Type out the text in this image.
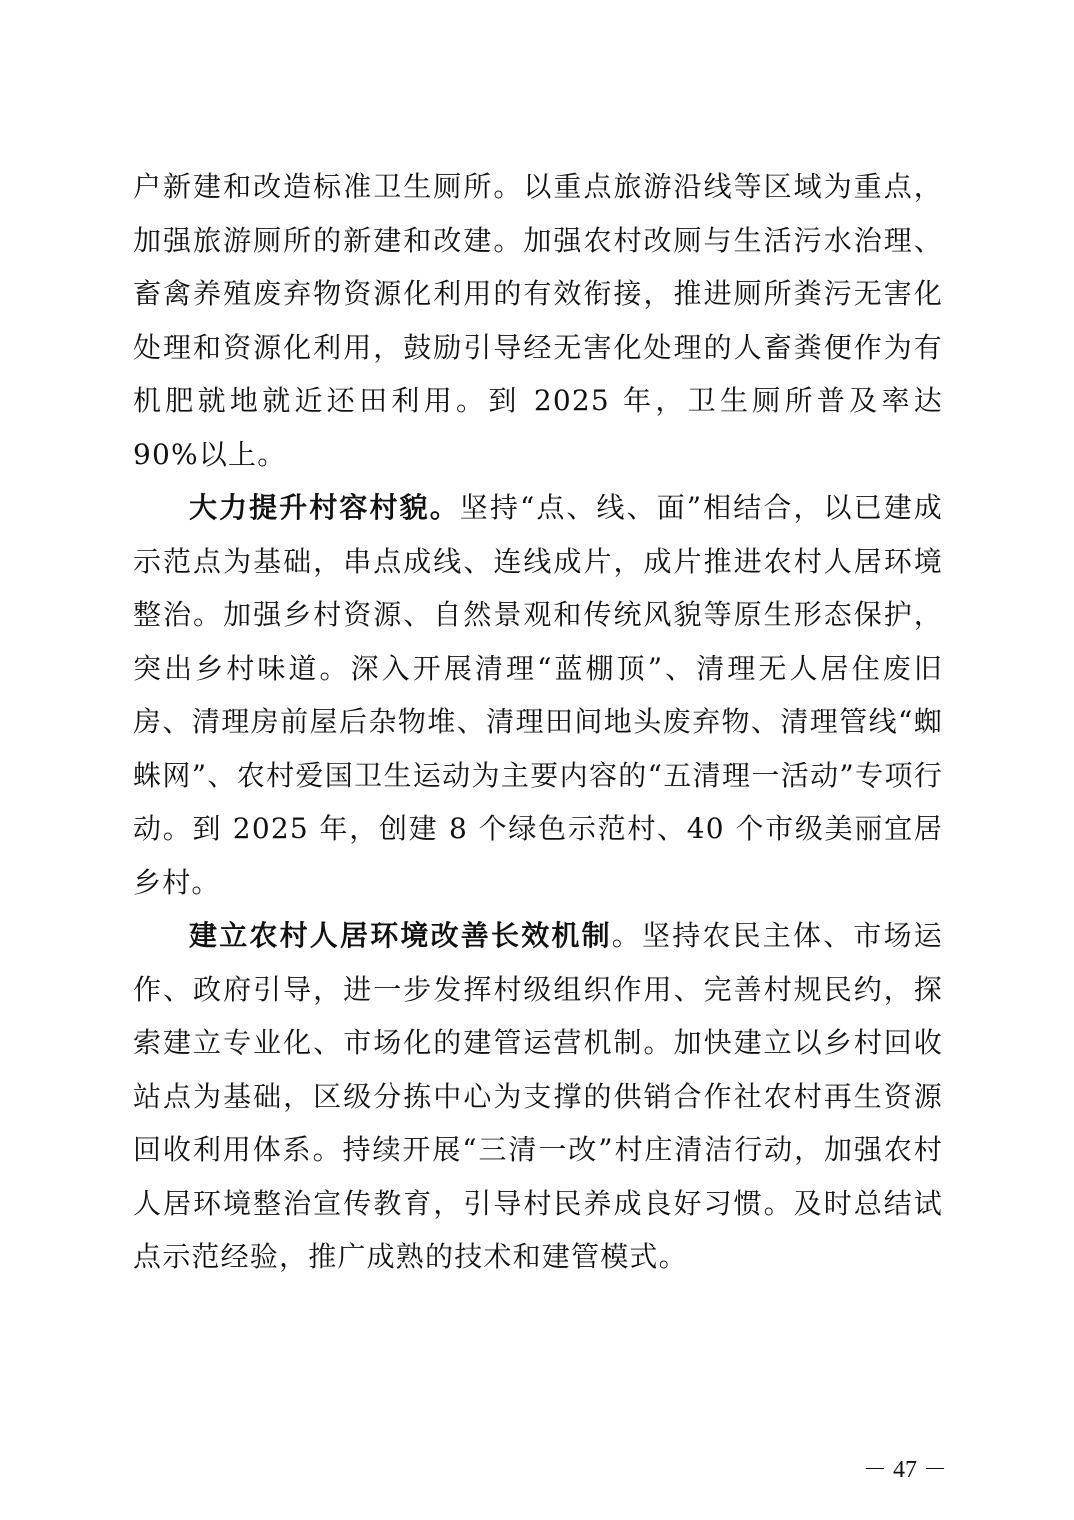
户新建和改造标准卫生厕所。以重点旅游沿线等区域为重点，加强旅游厕所的新建和改建。加强农村改厕与生活污水治理、畜禽养殖废弃物资源化利用的有效衔接，推进厕所粪污无害化处理和资源化利用，鼓励引导经无害化处理的人畜粪便作为有机肥就地就近还田利用。到 2025 年，卫生厕所普及率达 90%以上。

大力提升村容村貌。坚持“点、线、面”相结合，以已建成示范点为基础，串点成线、连线成片，成片推进农村人居环境整治。加强乡村资源、自然景观和传统风貌等原生形态保护，突出乡村味道。深入开展清理“蓝棚顶”、清理无人居住废旧房、清理房前屋后杂物堆、清理田间地头废弃物、清理管线“蜘蛛网”、农村爱国卫生运动为主要内容的“五清理一活动”专项行动。到 2025 年，创建 8 个绿色示范村、40 个市级美丽宜居乡村。

建立农村人居环境改善长效机制。坚持农民主体、市场运作、政府引导，进一步发挥村级组织作用、完善村规民约，探索建立专业化、市场化的建管运营机制。加快建立以乡村回收站点为基础，区级分拣中心为支撑的供销合作社农村再生资源回收利用体系。持续开展“三清一改”村庄清洁行动，加强农村人居环境整治宣传教育，引导村民养成良好习惯。及时总结试点示范经验，推广成熟的技术和建管模式。

－ 47 －
